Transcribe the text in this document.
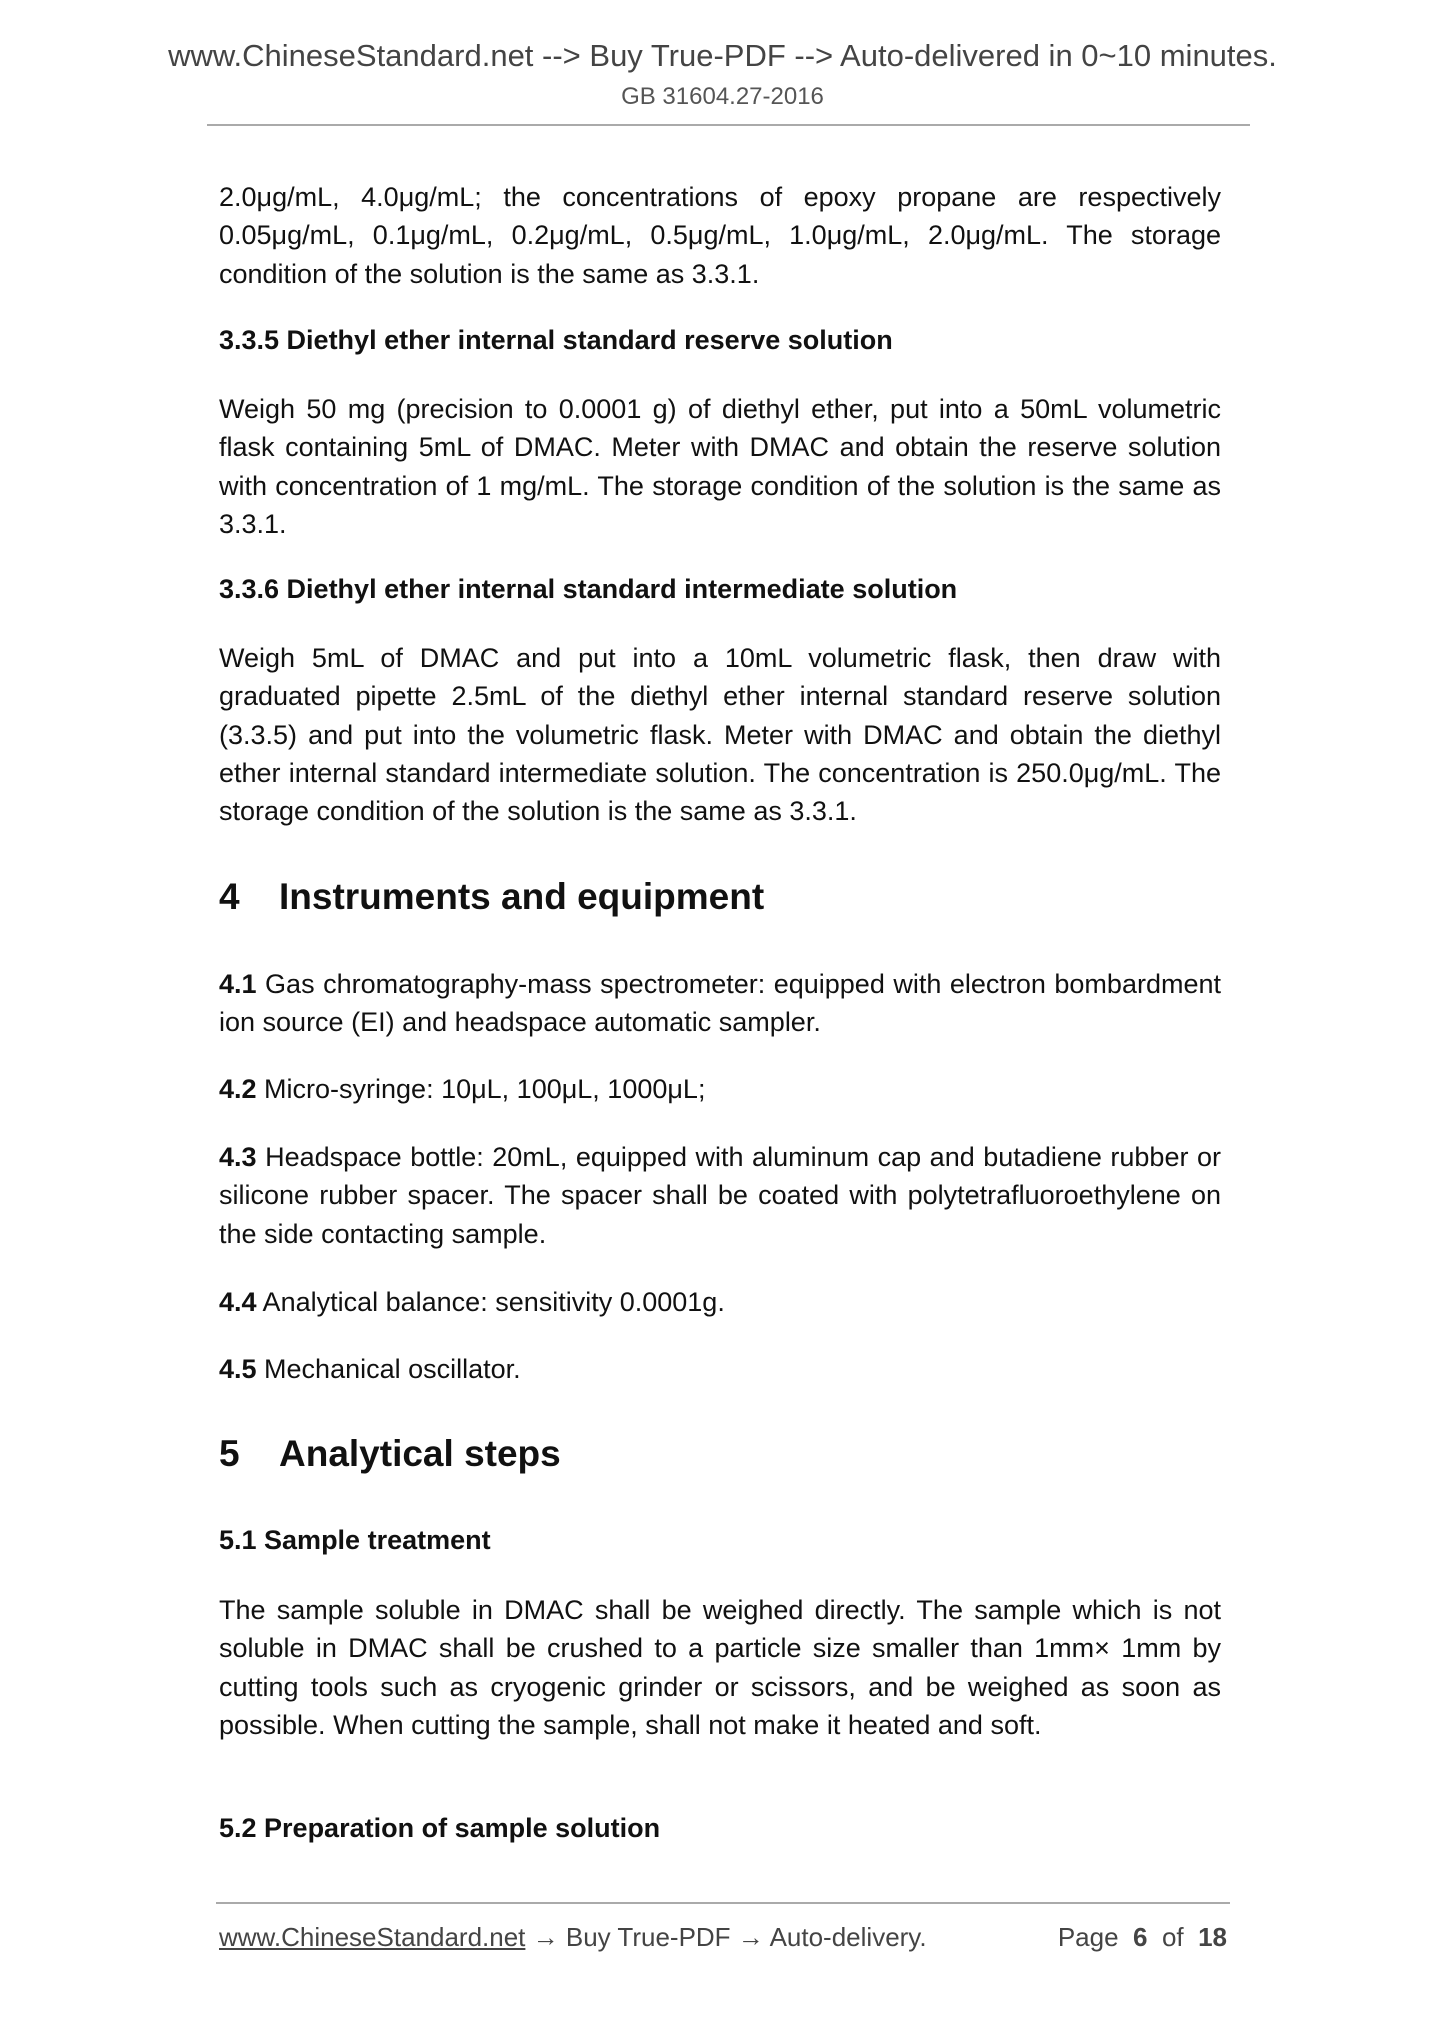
www.ChineseStandard.net --> Buy True-PDF --> Auto-delivered in 0~10 minutes.
GB 31604.27-2016
2.0μg/mL, 4.0μg/mL; the concentrations of epoxy propane are respectively 0.05μg/mL, 0.1μg/mL, 0.2μg/mL, 0.5μg/mL, 1.0μg/mL, 2.0μg/mL. The storage condition of the solution is the same as 3.3.1.
3.3.5 Diethyl ether internal standard reserve solution
Weigh 50 mg (precision to 0.0001 g) of diethyl ether, put into a 50mL volumetric flask containing 5mL of DMAC. Meter with DMAC and obtain the reserve solution with concentration of 1 mg/mL. The storage condition of the solution is the same as 3.3.1.
3.3.6 Diethyl ether internal standard intermediate solution
Weigh 5mL of DMAC and put into a 10mL volumetric flask, then draw with graduated pipette 2.5mL of the diethyl ether internal standard reserve solution (3.3.5) and put into the volumetric flask. Meter with DMAC and obtain the diethyl ether internal standard intermediate solution. The concentration is 250.0μg/mL. The storage condition of the solution is the same as 3.3.1.
4 Instruments and equipment
4.1 Gas chromatography-mass spectrometer: equipped with electron bombardment ion source (EI) and headspace automatic sampler.
4.2 Micro-syringe: 10μL, 100μL, 1000μL;
4.3 Headspace bottle: 20mL, equipped with aluminum cap and butadiene rubber or silicone rubber spacer. The spacer shall be coated with polytetrafluoroethylene on the side contacting sample.
4.4 Analytical balance: sensitivity 0.0001g.
4.5 Mechanical oscillator.
5 Analytical steps
5.1 Sample treatment
The sample soluble in DMAC shall be weighed directly. The sample which is not soluble in DMAC shall be crushed to a particle size smaller than 1mm× 1mm by cutting tools such as cryogenic grinder or scissors, and be weighed as soon as possible. When cutting the sample, shall not make it heated and soft.
5.2 Preparation of sample solution
www.ChineseStandard.net → Buy True-PDF → Auto-delivery.	Page 6 of 18
